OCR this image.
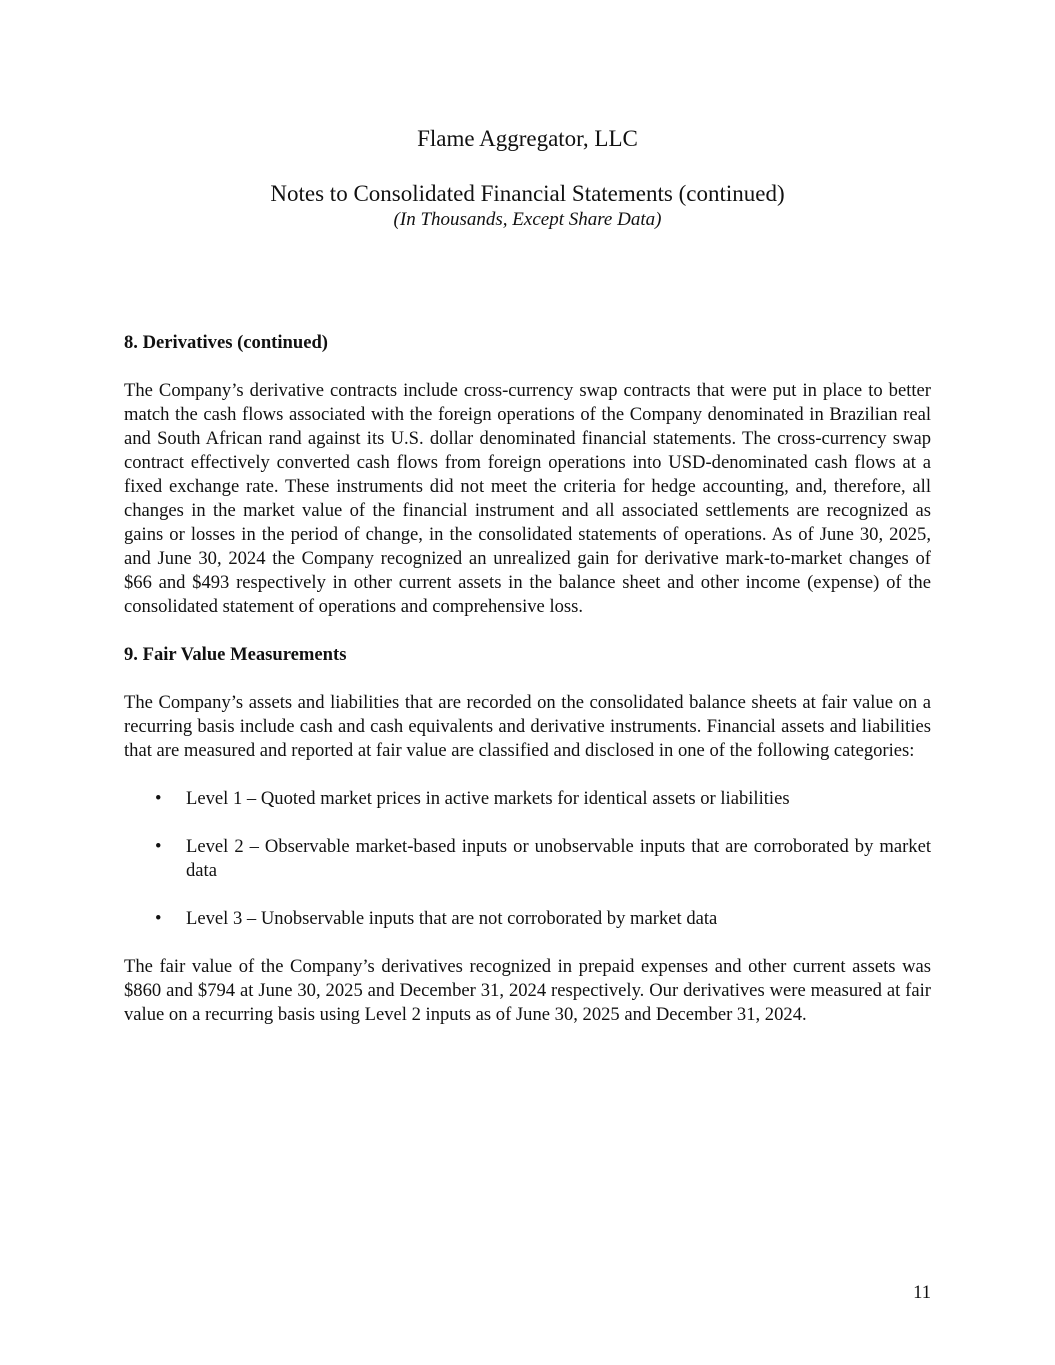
Flame Aggregator, LLC
Notes to Consolidated Financial Statements (continued)
(In Thousands, Except Share Data)

8. Derivatives (continued)

The Company’s derivative contracts include cross-currency swap contracts that were put in place to better match the cash flows associated with the foreign operations of the Company denominated in Brazilian real and South African rand against its U.S. dollar denominated financial statements. The cross-currency swap contract effectively converted cash flows from foreign operations into USD-denominated cash flows at a fixed exchange rate. These instruments did not meet the criteria for hedge accounting, and, therefore, all changes in the market value of the financial instrument and all associated settlements are recognized as gains or losses in the period of change, in the consolidated statements of operations. As of June 30, 2025, and June 30, 2024 the Company recognized an unrealized gain for derivative mark-to-market changes of $66 and $493 respectively in other current assets in the balance sheet and other income (expense) of the consolidated statement of operations and comprehensive loss.

9. Fair Value Measurements

The Company’s assets and liabilities that are recorded on the consolidated balance sheets at fair value on a recurring basis include cash and cash equivalents and derivative instruments. Financial assets and liabilities that are measured and reported at fair value are classified and disclosed in one of the following categories:

• Level 1 – Quoted market prices in active markets for identical assets or liabilities
• Level 2 – Observable market-based inputs or unobservable inputs that are corroborated by market data
• Level 3 – Unobservable inputs that are not corroborated by market data

The fair value of the Company’s derivatives recognized in prepaid expenses and other current assets was $860 and $794 at June 30, 2025 and December 31, 2024 respectively. Our derivatives were measured at fair value on a recurring basis using Level 2 inputs as of June 30, 2025 and December 31, 2024.

11
